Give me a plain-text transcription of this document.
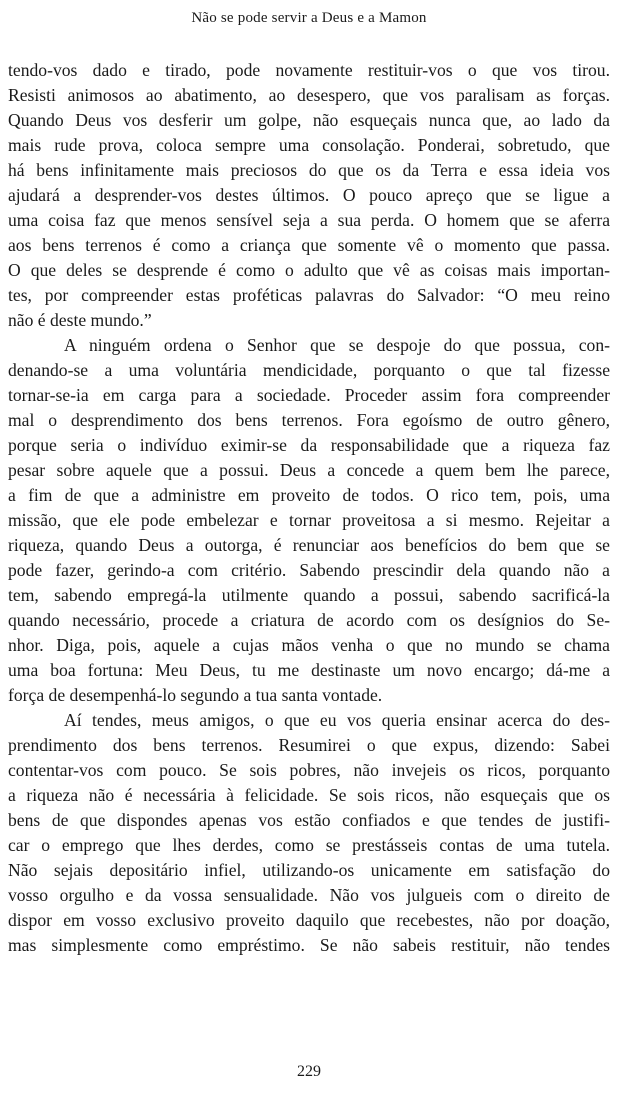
Não se pode servir a Deus e a Mamon
tendo-vos dado e tirado, pode novamente restituir-vos o que vos tirou.
Resisti animosos ao abatimento, ao desespero, que vos paralisam as forças.
Quando Deus vos desferir um golpe, não esqueçais nunca que, ao lado da
mais rude prova, coloca sempre uma consolação. Ponderai, sobretudo, que
há bens infinitamente mais preciosos do que os da Terra e essa ideia vos
ajudará a desprender-vos destes últimos. O pouco apreço que se ligue a
uma coisa faz que menos sensível seja a sua perda. O homem que se aferra
aos bens terrenos é como a criança que somente vê o momento que passa.
O que deles se desprende é como o adulto que vê as coisas mais importan-
tes, por compreender estas proféticas palavras do Salvador: “O meu reino
não é deste mundo.”
A ninguém ordena o Senhor que se despoje do que possua, con-
denando-se a uma voluntária mendicidade, porquanto o que tal fizesse
tornar-se-ia em carga para a sociedade. Proceder assim fora compreender
mal o desprendimento dos bens terrenos. Fora egoísmo de outro gênero,
porque seria o indivíduo eximir-se da responsabilidade que a riqueza faz
pesar sobre aquele que a possui. Deus a concede a quem bem lhe parece,
a fim de que a administre em proveito de todos. O rico tem, pois, uma
missão, que ele pode embelezar e tornar proveitosa a si mesmo. Rejeitar a
riqueza, quando Deus a outorga, é renunciar aos benefícios do bem que se
pode fazer, gerindo-a com critério. Sabendo prescindir dela quando não a
tem, sabendo empregá-la utilmente quando a possui, sabendo sacrificá-la
quando necessário, procede a criatura de acordo com os desígnios do Se-
nhor. Diga, pois, aquele a cujas mãos venha o que no mundo se chama
uma boa fortuna: Meu Deus, tu me destinaste um novo encargo; dá-me a
força de desempenhá-lo segundo a tua santa vontade.
Aí tendes, meus amigos, o que eu vos queria ensinar acerca do des-
prendimento dos bens terrenos. Resumirei o que expus, dizendo: Sabei
contentar-vos com pouco. Se sois pobres, não invejeis os ricos, porquanto
a riqueza não é necessária à felicidade. Se sois ricos, não esqueçais que os
bens de que dispondes apenas vos estão confiados e que tendes de justifi-
car o emprego que lhes derdes, como se prestásseis contas de uma tutela.
Não sejais depositário infiel, utilizando-os unicamente em satisfação do
vosso orgulho e da vossa sensualidade. Não vos julgueis com o direito de
dispor em vosso exclusivo proveito daquilo que recebestes, não por doação,
mas simplesmente como empréstimo. Se não sabeis restituir, não tendes
229
